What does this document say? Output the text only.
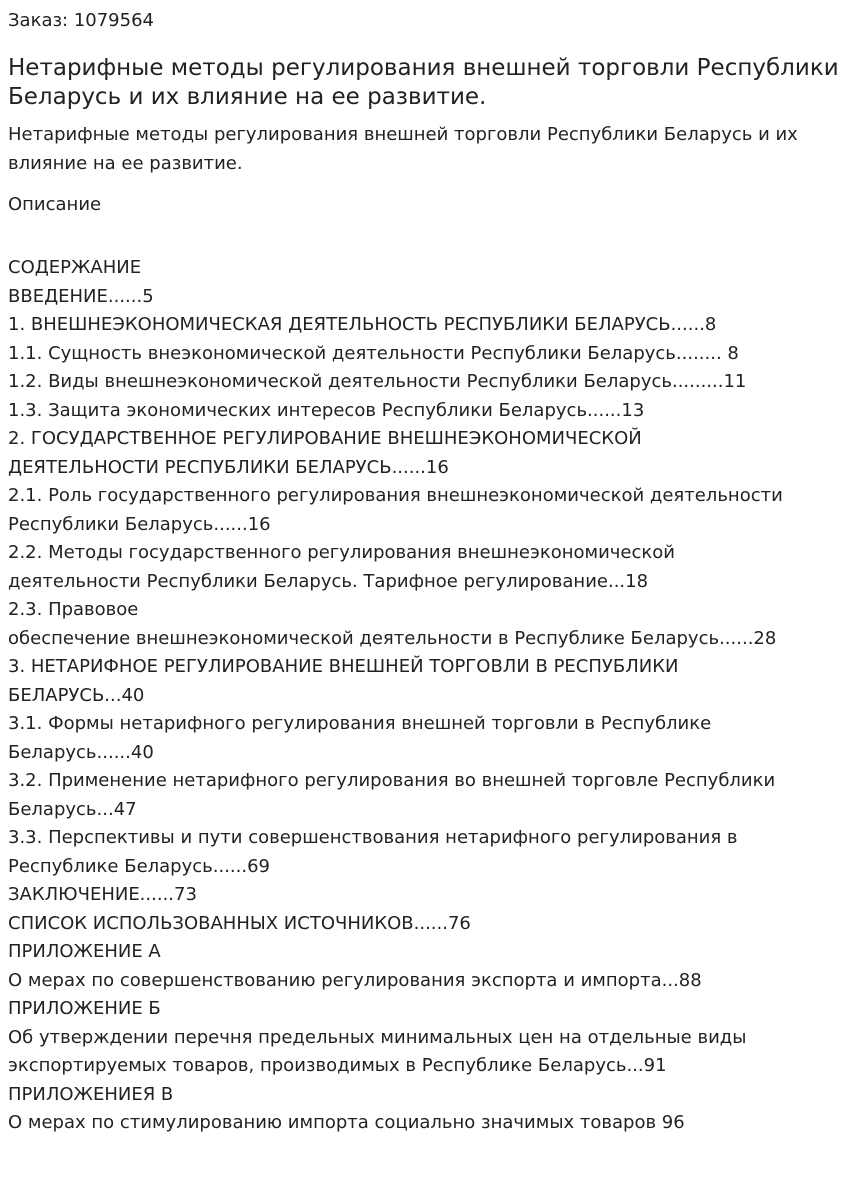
Заказ: 1079564
Нетарифные методы регулирования внешней торговли Республики Беларусь и их влияние на ее развитие.
Нетарифные методы регулирования внешней торговли Республики Беларусь и их влияние на ее развитие.
Описание
СОДЕРЖАНИЕ
ВВЕДЕНИЕ......5
1. ВНЕШНЕЭКОНОМИЧЕСКАЯ ДЕЯТЕЛЬНОСТЬ РЕСПУБЛИКИ БЕЛАРУСЬ......8
1.1. Сущность внеэкономической деятельности Республики Беларусь........ 8
1.2. Виды внешнеэкономической деятельности Республики Беларусь.........11
1.3. Защита экономических интересов Республики Беларусь......13
2. ГОСУДАРСТВЕННОЕ РЕГУЛИРОВАНИЕ ВНЕШНЕЭКОНОМИЧЕСКОЙ
ДЕЯТЕЛЬНОСТИ РЕСПУБЛИКИ БЕЛАРУСЬ......16
2.1. Роль государственного регулирования внешнеэкономической деятельности
Республики Беларусь......16
2.2. Методы государственного регулирования внешнеэкономической
деятельности Республики Беларусь. Тарифное регулирование...18
2.3. Правовое
обеспечение внешнеэкономической деятельности в Республике Беларусь......28
3. НЕТАРИФНОЕ РЕГУЛИРОВАНИЕ ВНЕШНЕЙ ТОРГОВЛИ В РЕСПУБЛИКИ
БЕЛАРУСЬ...40
3.1. Формы нетарифного регулирования внешней торговли в Республике
Беларусь......40
3.2. Применение нетарифного регулирования во внешней торговле Республики
Беларусь...47
3.3. Перспективы и пути совершенствования нетарифного регулирования в
Республике Беларусь......69
ЗАКЛЮЧЕНИЕ......73
СПИСОК ИСПОЛЬЗОВАННЫХ ИСТОЧНИКОВ......76
ПРИЛОЖЕНИЕ А
О мерах по совершенствованию регулирования экспорта и импорта...88
ПРИЛОЖЕНИЕ Б
Об утверждении перечня предельных минимальных цен на отдельные виды
экспортируемых товаров, производимых в Республике Беларусь...91
ПРИЛОЖЕНИЕЯ В
О мерах по стимулированию импорта социально значимых товаров 96
